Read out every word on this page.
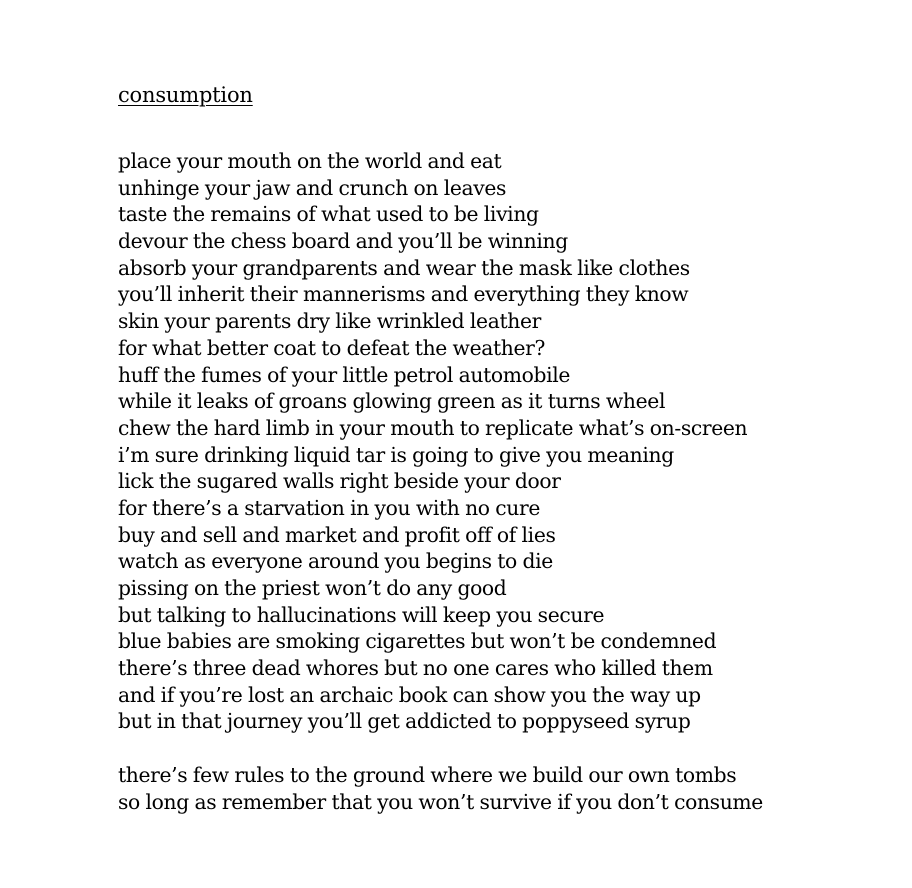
consumption
place your mouth on the world and eat
unhinge your jaw and crunch on leaves
taste the remains of what used to be living
devour the chess board and you’ll be winning
absorb your grandparents and wear the mask like clothes
you’ll inherit their mannerisms and everything they know
skin your parents dry like wrinkled leather
for what better coat to defeat the weather?
huff the fumes of your little petrol automobile
while it leaks of groans glowing green as it turns wheel
chew the hard limb in your mouth to replicate what’s on-screen
i’m sure drinking liquid tar is going to give you meaning
lick the sugared walls right beside your door
for there’s a starvation in you with no cure
buy and sell and market and profit off of lies
watch as everyone around you begins to die
pissing on the priest won’t do any good
but talking to hallucinations will keep you secure
blue babies are smoking cigarettes but won’t be condemned
there’s three dead whores but no one cares who killed them
and if you’re lost an archaic book can show you the way up
but in that journey you’ll get addicted to poppyseed syrup
there’s few rules to the ground where we build our own tombs
so long as remember that you won’t survive if you don’t consume
